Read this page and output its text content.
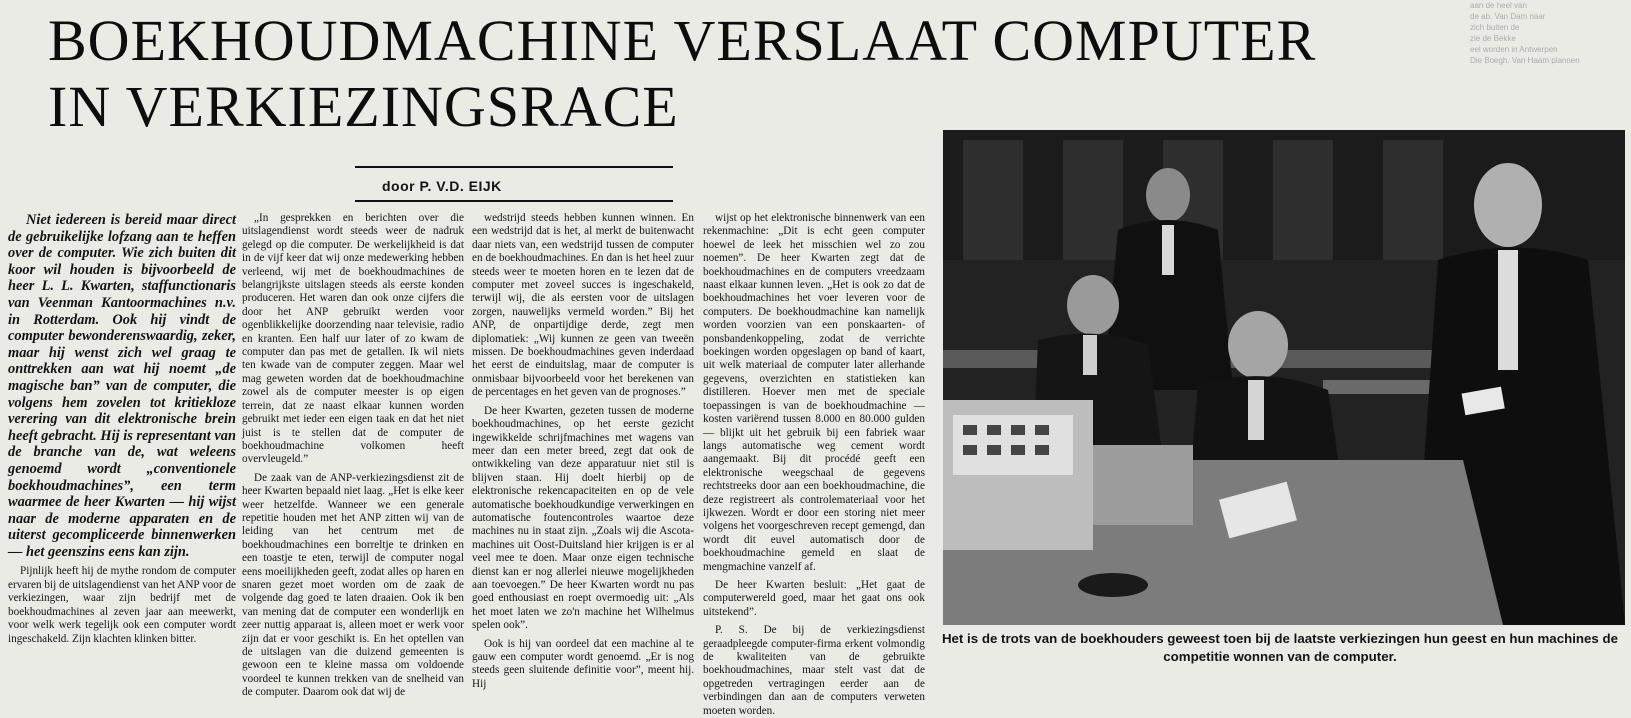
BOEKHOUDMACHINE VERSLAAT COMPUTER
IN VERKIEZINGSRACE

aan de heel van

de ab. Van Dam naar

zich buiten de

zie de Bekke

eel worden in Antwerpen

Die Boegh. Van Haam plannen

door P. V.D. EIJK

Niet iedereen is bereid maar direct de gebruikelijke lofzang aan te heffen over de computer. Wie zich buiten dit koor wil houden is bijvoorbeeld de heer L. L. Kwarten, staffunctionaris van Veenman Kantoormachines n.v. in Rotterdam. Ook hij vindt de computer bewonderenswaardig, zeker, maar hij wenst zich wel graag te onttrekken aan wat hij noemt „de magische ban” van de computer, die volgens hem zovelen tot kritiekloze verering van dit elektronische brein heeft gebracht. Hij is representant van de branche van de, wat weleens genoemd wordt „conventionele boekhoudmachines”, een term waarmee de heer Kwarten — hij wijst naar de moderne apparaten en de uiterst gecompliceerde binnenwerken — het geenszins eens kan zijn.

Pijnlijk heeft hij de mythe rondom de computer ervaren bij de uitslagendienst van het ANP voor de verkiezingen, waar zijn bedrijf met de boekhoudmachines al zeven jaar aan meewerkt, voor welk werk tegelijk ook een computer wordt ingeschakeld. Zijn klachten klinken bitter.

„In gesprekken en berichten over die uitslagendienst wordt steeds weer de nadruk gelegd op die computer. De werkelijkheid is dat in de vijf keer dat wij onze medewerking hebben verleend, wij met de boekhoudmachines de belangrijkste uitslagen steeds als eerste konden produceren. Het waren dan ook onze cijfers die door het ANP gebruikt werden voor ogenblikkelijke doorzending naar televisie, radio en kranten. Een half uur later of zo kwam de computer dan pas met de getallen. Ik wil niets ten kwade van de computer zeggen. Maar wel mag geweten worden dat de boekhoudmachine zowel als de computer meester is op eigen terrein, dat ze naast elkaar kunnen worden gebruikt met ieder een eigen taak en dat het niet juist is te stellen dat de computer de boekhoudmachine volkomen heeft overvleugeld.”

De zaak van de ANP-verkiezingsdienst zit de heer Kwarten bepaald niet laag. „Het is elke keer weer hetzelfde. Wanneer we een generale repetitie houden met het ANP zitten wij van de leiding van het centrum met de boekhoudmachines een borreltje te drinken en een toastje te eten, terwijl de computer nogal eens moeilijkheden geeft, zodat alles op haren en snaren gezet moet worden om de zaak de volgende dag goed te laten draaien. Ook ik ben van mening dat de computer een wonderlijk en zeer nuttig apparaat is, alleen moet er werk voor zijn dat er voor geschikt is. En het optellen van de uitslagen van die duizend gemeenten is gewoon een te kleine massa om voldoende voordeel te kunnen trekken van de snelheid van de computer. Daarom ook dat wij de

wedstrijd steeds hebben kunnen winnen. En een wedstrijd dat is het, al merkt de buitenwacht daar niets van, een wedstrijd tussen de computer en de boekhoudmachines. En dan is het heel zuur steeds weer te moeten horen en te lezen dat de computer met zoveel succes is ingeschakeld, terwijl wij, die als eersten voor de uitslagen zorgen, nauwelijks vermeld worden.” Bij het ANP, de onpartijdige derde, zegt men diplomatiek: „Wij kunnen ze geen van tweeën missen. De boekhoudmachines geven inderdaad het eerst de einduitslag, maar de computer is onmisbaar bijvoorbeeld voor het berekenen van de percentages en het geven van de prognoses.”

De heer Kwarten, gezeten tussen de moderne boekhoudmachines, op het eerste gezicht ingewikkelde schrijfmachines met wagens van meer dan een meter breed, zegt dat ook de ontwikkeling van deze apparatuur niet stil is blijven staan. Hij doelt hierbij op de elektronische rekencapaciteiten en op de vele automatische boekhoudkundige verwerkingen en automatische foutencontroles waartoe deze machines nu in staat zijn. „Zoals wij die Ascota-machines uit Oost-Duitsland hier krijgen is er al veel mee te doen. Maar onze eigen technische dienst kan er nog allerlei nieuwe mogelijkheden aan toevoegen.” De heer Kwarten wordt nu pas goed enthousiast en roept overmoedig uit: „Als het moet laten we zo'n machine het Wilhelmus spelen ook”.

Ook is hij van oordeel dat een machine al te gauw een computer wordt genoemd. „Er is nog steeds geen sluitende definitie voor”, meent hij. Hij

wijst op het elektronische binnenwerk van een rekenmachine: „Dit is echt geen computer hoewel de leek het misschien wel zo zou noemen”. De heer Kwarten zegt dat de boekhoudmachines en de computers vreedzaam naast elkaar kunnen leven. „Het is ook zo dat de boekhoudmachines het voer leveren voor de computers. De boekhoudmachine kan namelijk worden voorzien van een ponskaarten- of ponsbandenkoppeling, zodat de verrichte boekingen worden opgeslagen op band of kaart, uit welk materiaal de computer later allerhande gegevens, overzichten en statistieken kan distilleren. Hoever men met de speciale toepassingen is van de boekhoudmachine — kosten variërend tussen 8.000 en 80.000 gulden — blijkt uit het gebruik bij een fabriek waar langs automatische weg cement wordt aangemaakt. Bij dit procédé geeft een elektronische weegschaal de gegevens rechtstreeks door aan een boekhoudmachine, die deze registreert als controlemateriaal voor het ijkwezen. Wordt er door een storing niet meer volgens het voorgeschreven recept gemengd, dan wordt dit euvel automatisch door de boekhoudmachine gemeld en slaat de mengmachine vanzelf af.

De heer Kwarten besluit: „Het gaat de computerwereld goed, maar het gaat ons ook uitstekend”.

P. S. De bij de verkiezingsdienst geraadpleegde computer-firma erkent volmondig de kwaliteiten van de gebruikte boekhoudmachines, maar stelt vast dat de opgetreden vertragingen eerder aan de verbindingen dan aan de computers verweten moeten worden.

Het is de trots van de boekhouders geweest toen bij de laatste verkiezingen hun geest en hun machines de competitie wonnen van de computer.
